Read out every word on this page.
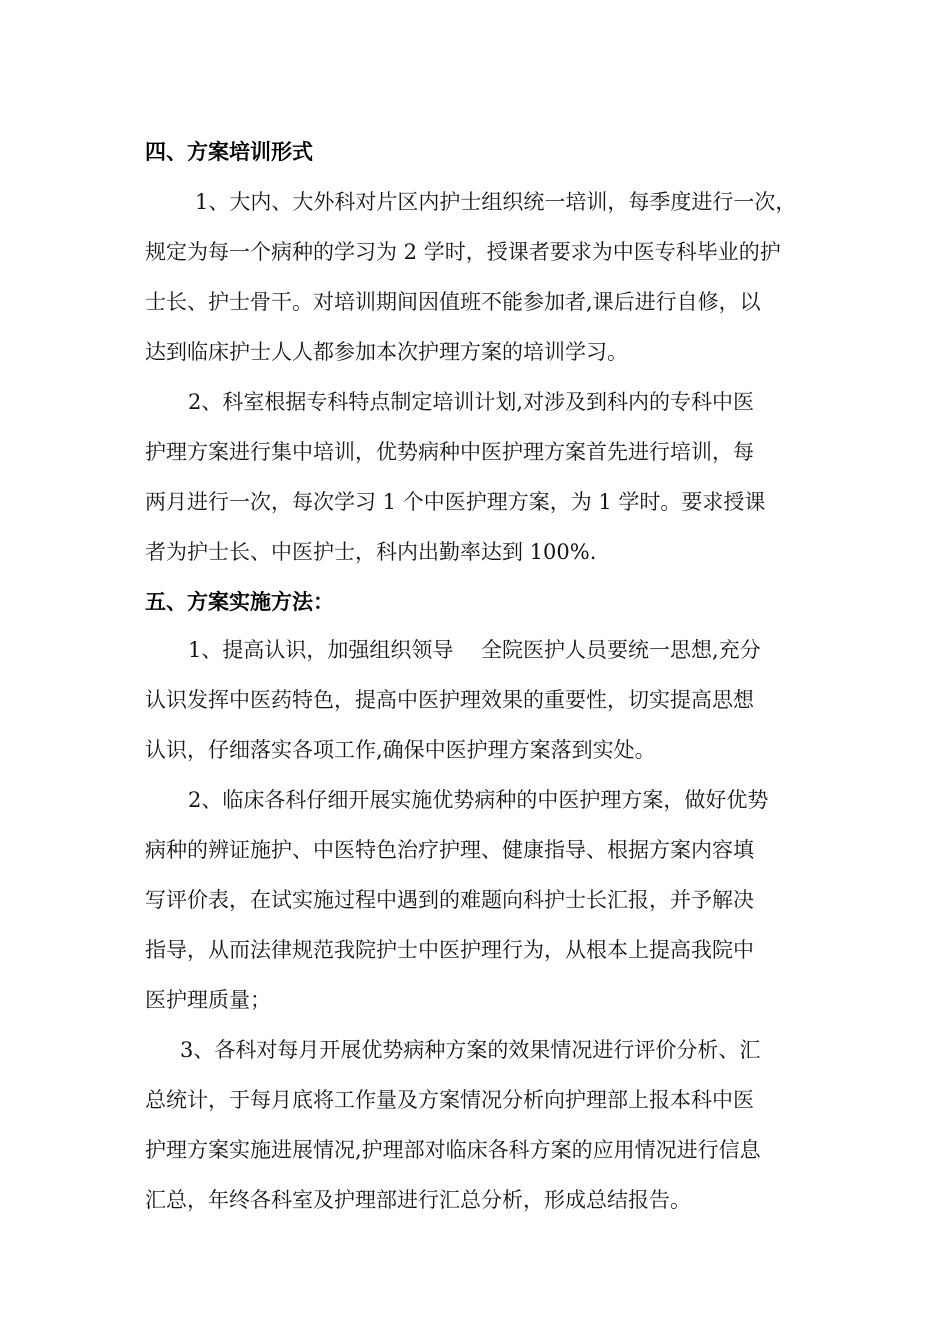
四、方案培训形式
1、大内、大外科对片区内护士组织统一培训，每季度进行一次，
规定为每一个病种的学习为 2 学时，授课者要求为中医专科毕业的护
士长、护士骨干。对培训期间因值班不能参加者,课后进行自修，以
达到临床护士人人都参加本次护理方案的培训学习。
2、科室根据专科特点制定培训计划,对涉及到科内的专科中医
护理方案进行集中培训，优势病种中医护理方案首先进行培训，每
两月进行一次，每次学习 1 个中医护理方案，为 1 学时。要求授课
者为护士长、中医护士，科内出勤率达到 100%.
五、方案实施方法：
1、提高认识，加强组织领导　 全院医护人员要统一思想,充分
认识发挥中医药特色，提高中医护理效果的重要性，切实提高思想
认识，仔细落实各项工作,确保中医护理方案落到实处。
2、临床各科仔细开展实施优势病种的中医护理方案，做好优势
病种的辨证施护、中医特色治疗护理、健康指导、根据方案内容填
写评价表，在试实施过程中遇到的难题向科护士长汇报，并予解决
指导，从而法律规范我院护士中医护理行为，从根本上提高我院中
医护理质量；
3、各科对每月开展优势病种方案的效果情况进行评价分析、汇
总统计，于每月底将工作量及方案情况分析向护理部上报本科中医
护理方案实施进展情况,护理部对临床各科方案的应用情况进行信息
汇总，年终各科室及护理部进行汇总分析，形成总结报告。
